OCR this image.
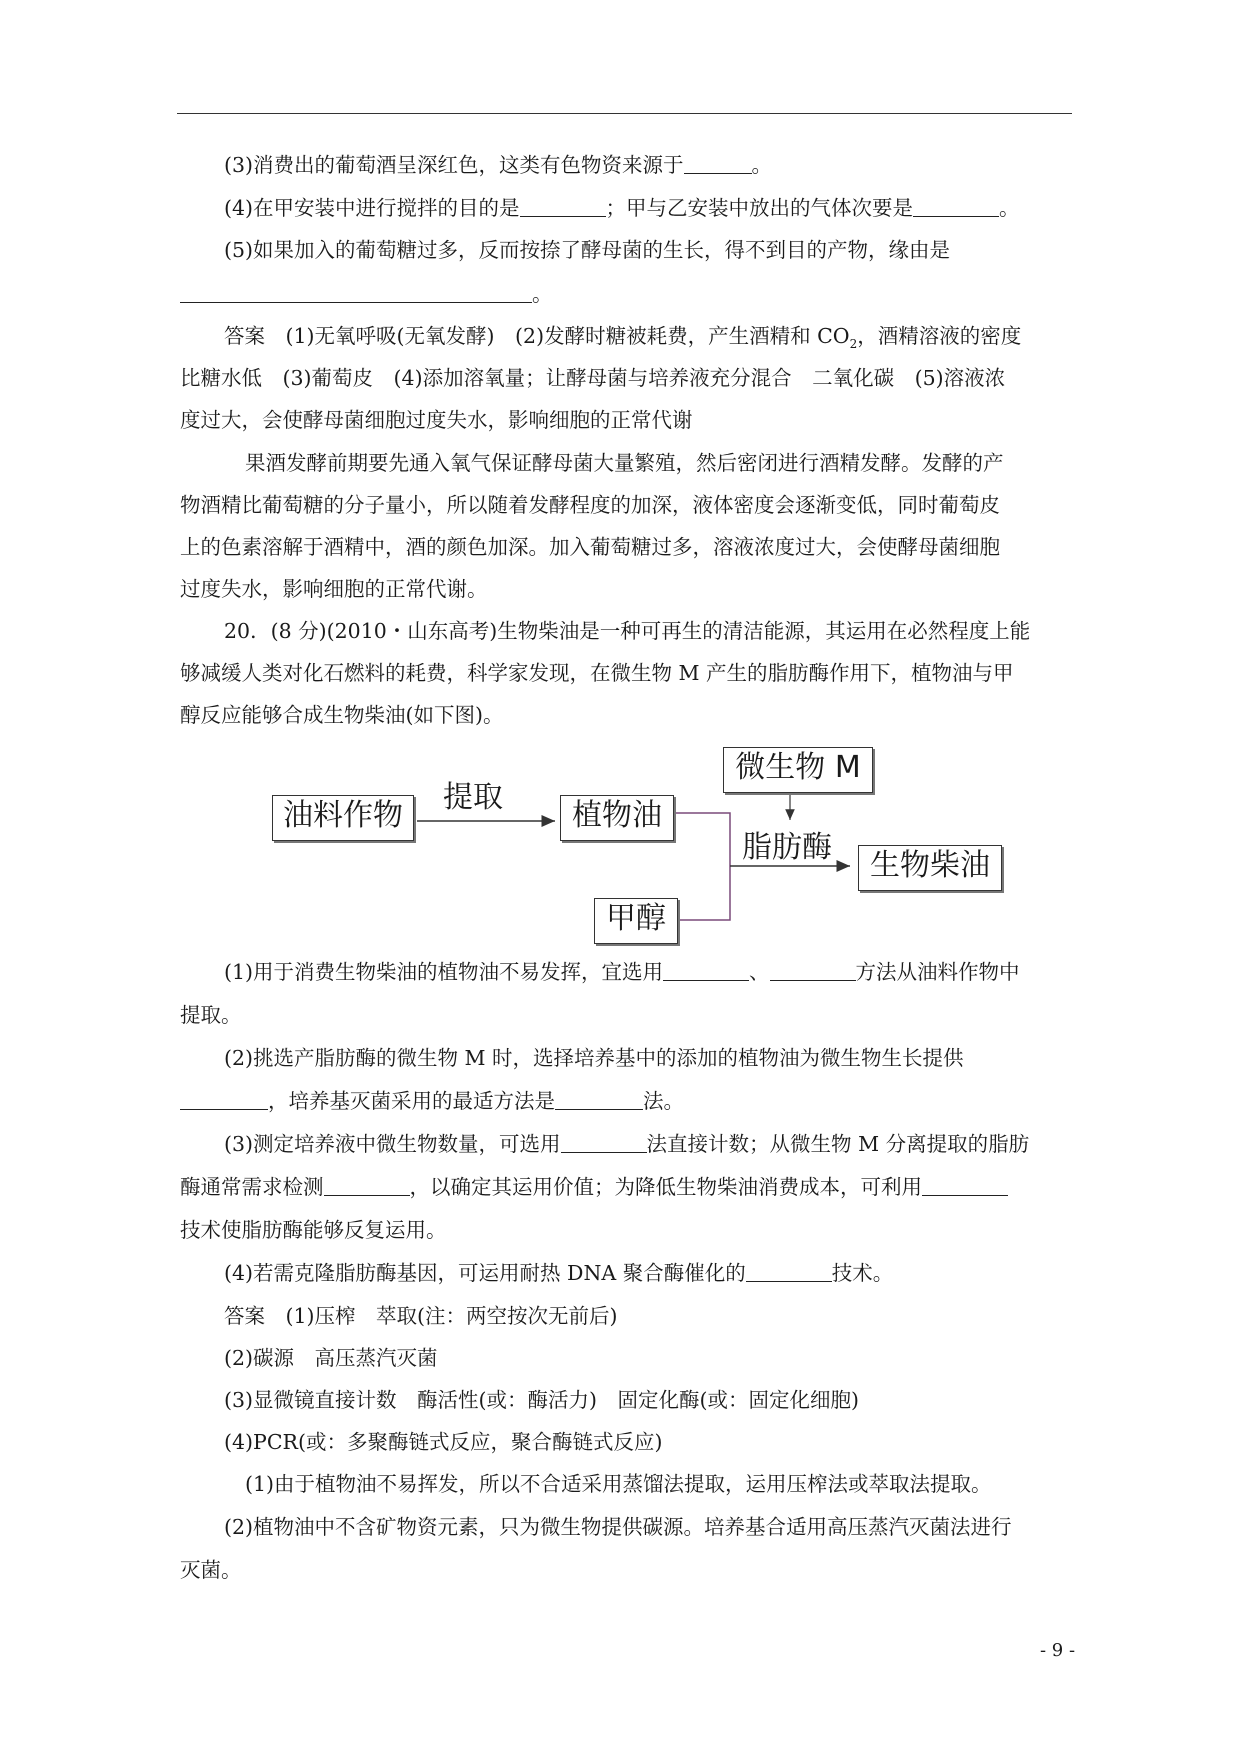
(3)消费出的葡萄酒呈深红色，这类有色物资来源于	。
(4)在甲安装中进行搅拌的目的是	；甲与乙安装中放出的气体次要是	。
(5)如果加入的葡萄糖过多，反而按捺了酵母菌的生长，得不到目的产物，缘由是
。
答案　(1)无氧呼吸(无氧发酵)　(2)发酵时糖被耗费，产生酒精和 $CO_2$，酒精溶液的密度
比糖水低　(3)葡萄皮　(4)添加溶氧量；让酵母菌与培养液充分混合　二氧化碳　(5)溶液浓
度过大，会使酵母菌细胞过度失水，影响细胞的正常代谢
果酒发酵前期要先通入氧气保证酵母菌大量繁殖，然后密闭进行酒精发酵。发酵的产
物酒精比葡萄糖的分子量小，所以随着发酵程度的加深，液体密度会逐渐变低，同时葡萄皮
上的色素溶解于酒精中，酒的颜色加深。加入葡萄糖过多，溶液浓度过大，会使酵母菌细胞
过度失水，影响细胞的正常代谢。
20．(8 分)(2010・山东高考)生物柴油是一种可再生的清洁能源，其运用在必然程度上能
够减缓人类对化石燃料的耗费，科学家发现，在微生物 M 产生的脂肪酶作用下，植物油与甲
醇反应能够合成生物柴油(如下图)。
油料作物
提取
植物油
微生物 M
脂肪酶
生物柴油
甲醇
(1)用于消费生物柴油的植物油不易发挥，宜选用	、	方法从油料作物中
提取。
(2)挑选产脂肪酶的微生物 M 时，选择培养基中的添加的植物油为微生物生长提供
，培养基灭菌采用的最适方法是	法。
(3)测定培养液中微生物数量，可选用	法直接计数；从微生物 M 分离提取的脂肪
酶通常需求检测	，以确定其运用价值；为降低生物柴油消费成本，可利用
技术使脂肪酶能够反复运用。
(4)若需克隆脂肪酶基因，可运用耐热 DNA 聚合酶催化的	技术。
答案　(1)压榨　萃取(注：两空按次无前后)
(2)碳源　高压蒸汽灭菌
(3)显微镜直接计数　酶活性(或：酶活力)　固定化酶(或：固定化细胞)
(4)PCR(或：多聚酶链式反应，聚合酶链式反应)
(1)由于植物油不易挥发，所以不合适采用蒸馏法提取，运用压榨法或萃取法提取。
(2)植物油中不含矿物资元素，只为微生物提供碳源。培养基合适用高压蒸汽灭菌法进行
灭菌。
- 9 -
